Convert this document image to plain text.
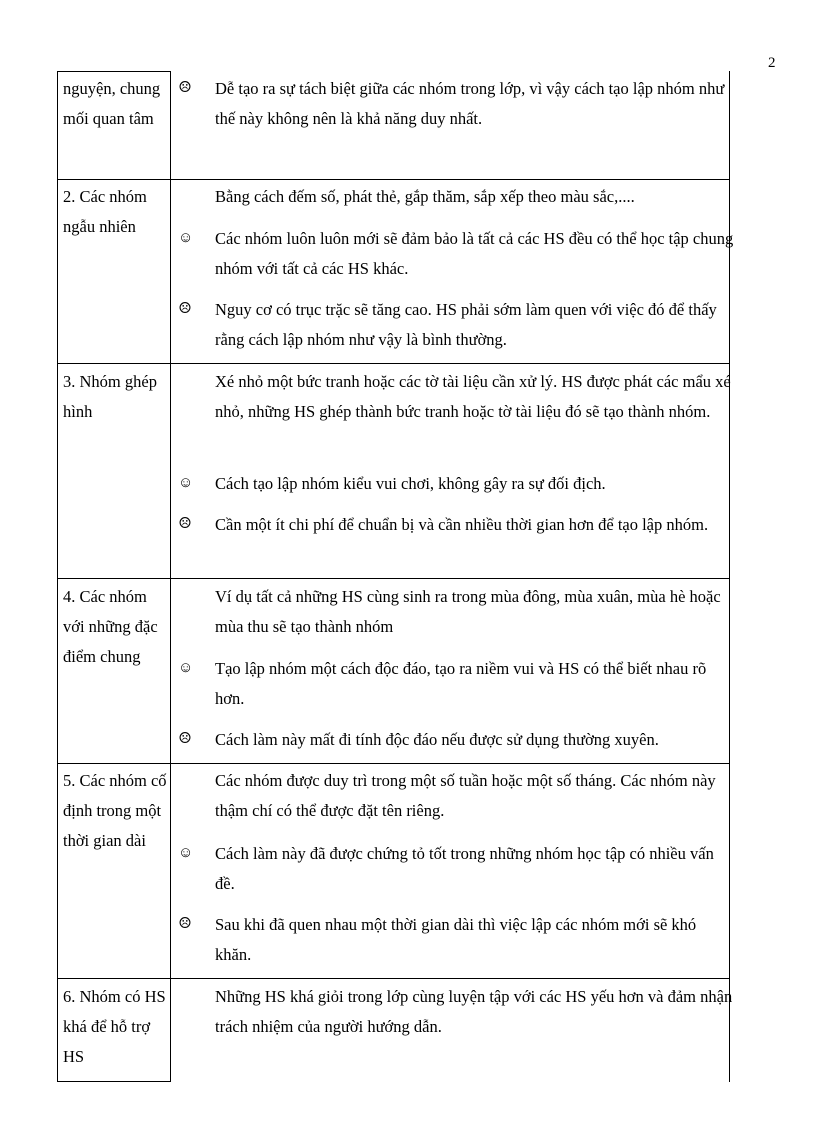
2
nguyện, chung mối quan tâm
☹ Dễ tạo ra sự tách biệt giữa các nhóm trong lớp, vì vậy cách tạo lập nhóm như thế này không nên là khả năng duy nhất.
2. Các nhóm ngẫu nhiên
Bằng cách đếm số, phát thẻ, gắp thăm, sắp xếp theo màu sắc,....
☺ Các nhóm luôn luôn mới sẽ đảm bảo là tất cả các HS đều có thể học tập chung nhóm với tất cả các HS khác.
☹ Nguy cơ có trục trặc sẽ tăng cao. HS phải sớm làm quen với việc đó để thấy rằng cách lập nhóm như vậy là bình thường.
3. Nhóm ghép hình
Xé nhỏ một bức tranh hoặc các tờ tài liệu cần xử lý. HS được phát các mẩu xé nhỏ, những HS ghép thành bức tranh hoặc tờ tài liệu đó sẽ tạo thành nhóm.
☺ Cách tạo lập nhóm kiểu vui chơi, không gây ra sự đối địch.
☹ Cần một ít chi phí để chuẩn bị và cần nhiều thời gian hơn để tạo lập nhóm.
4. Các nhóm với những đặc điểm chung
Ví dụ tất cả những HS cùng sinh ra trong mùa đông, mùa xuân, mùa hè hoặc mùa thu sẽ tạo thành nhóm
☺ Tạo lập nhóm một cách độc đáo, tạo ra niềm vui và HS có thể biết nhau rõ hơn.
☹ Cách làm này mất đi tính độc đáo nếu được sử dụng thường xuyên.
5. Các nhóm cố định trong một thời gian dài
Các nhóm được duy trì trong một số tuần hoặc một số tháng. Các nhóm này thậm chí có thể được đặt tên riêng.
☺ Cách làm này đã được chứng tỏ tốt trong những nhóm học tập có nhiều vấn đề.
☹ Sau khi đã quen nhau một thời gian dài thì việc lập các nhóm mới sẽ khó khăn.
6. Nhóm có HS khá để hỗ trợ HS
Những HS khá giỏi trong lớp cùng luyện tập với các HS yếu hơn và đảm nhận trách nhiệm của người hướng dẫn.
